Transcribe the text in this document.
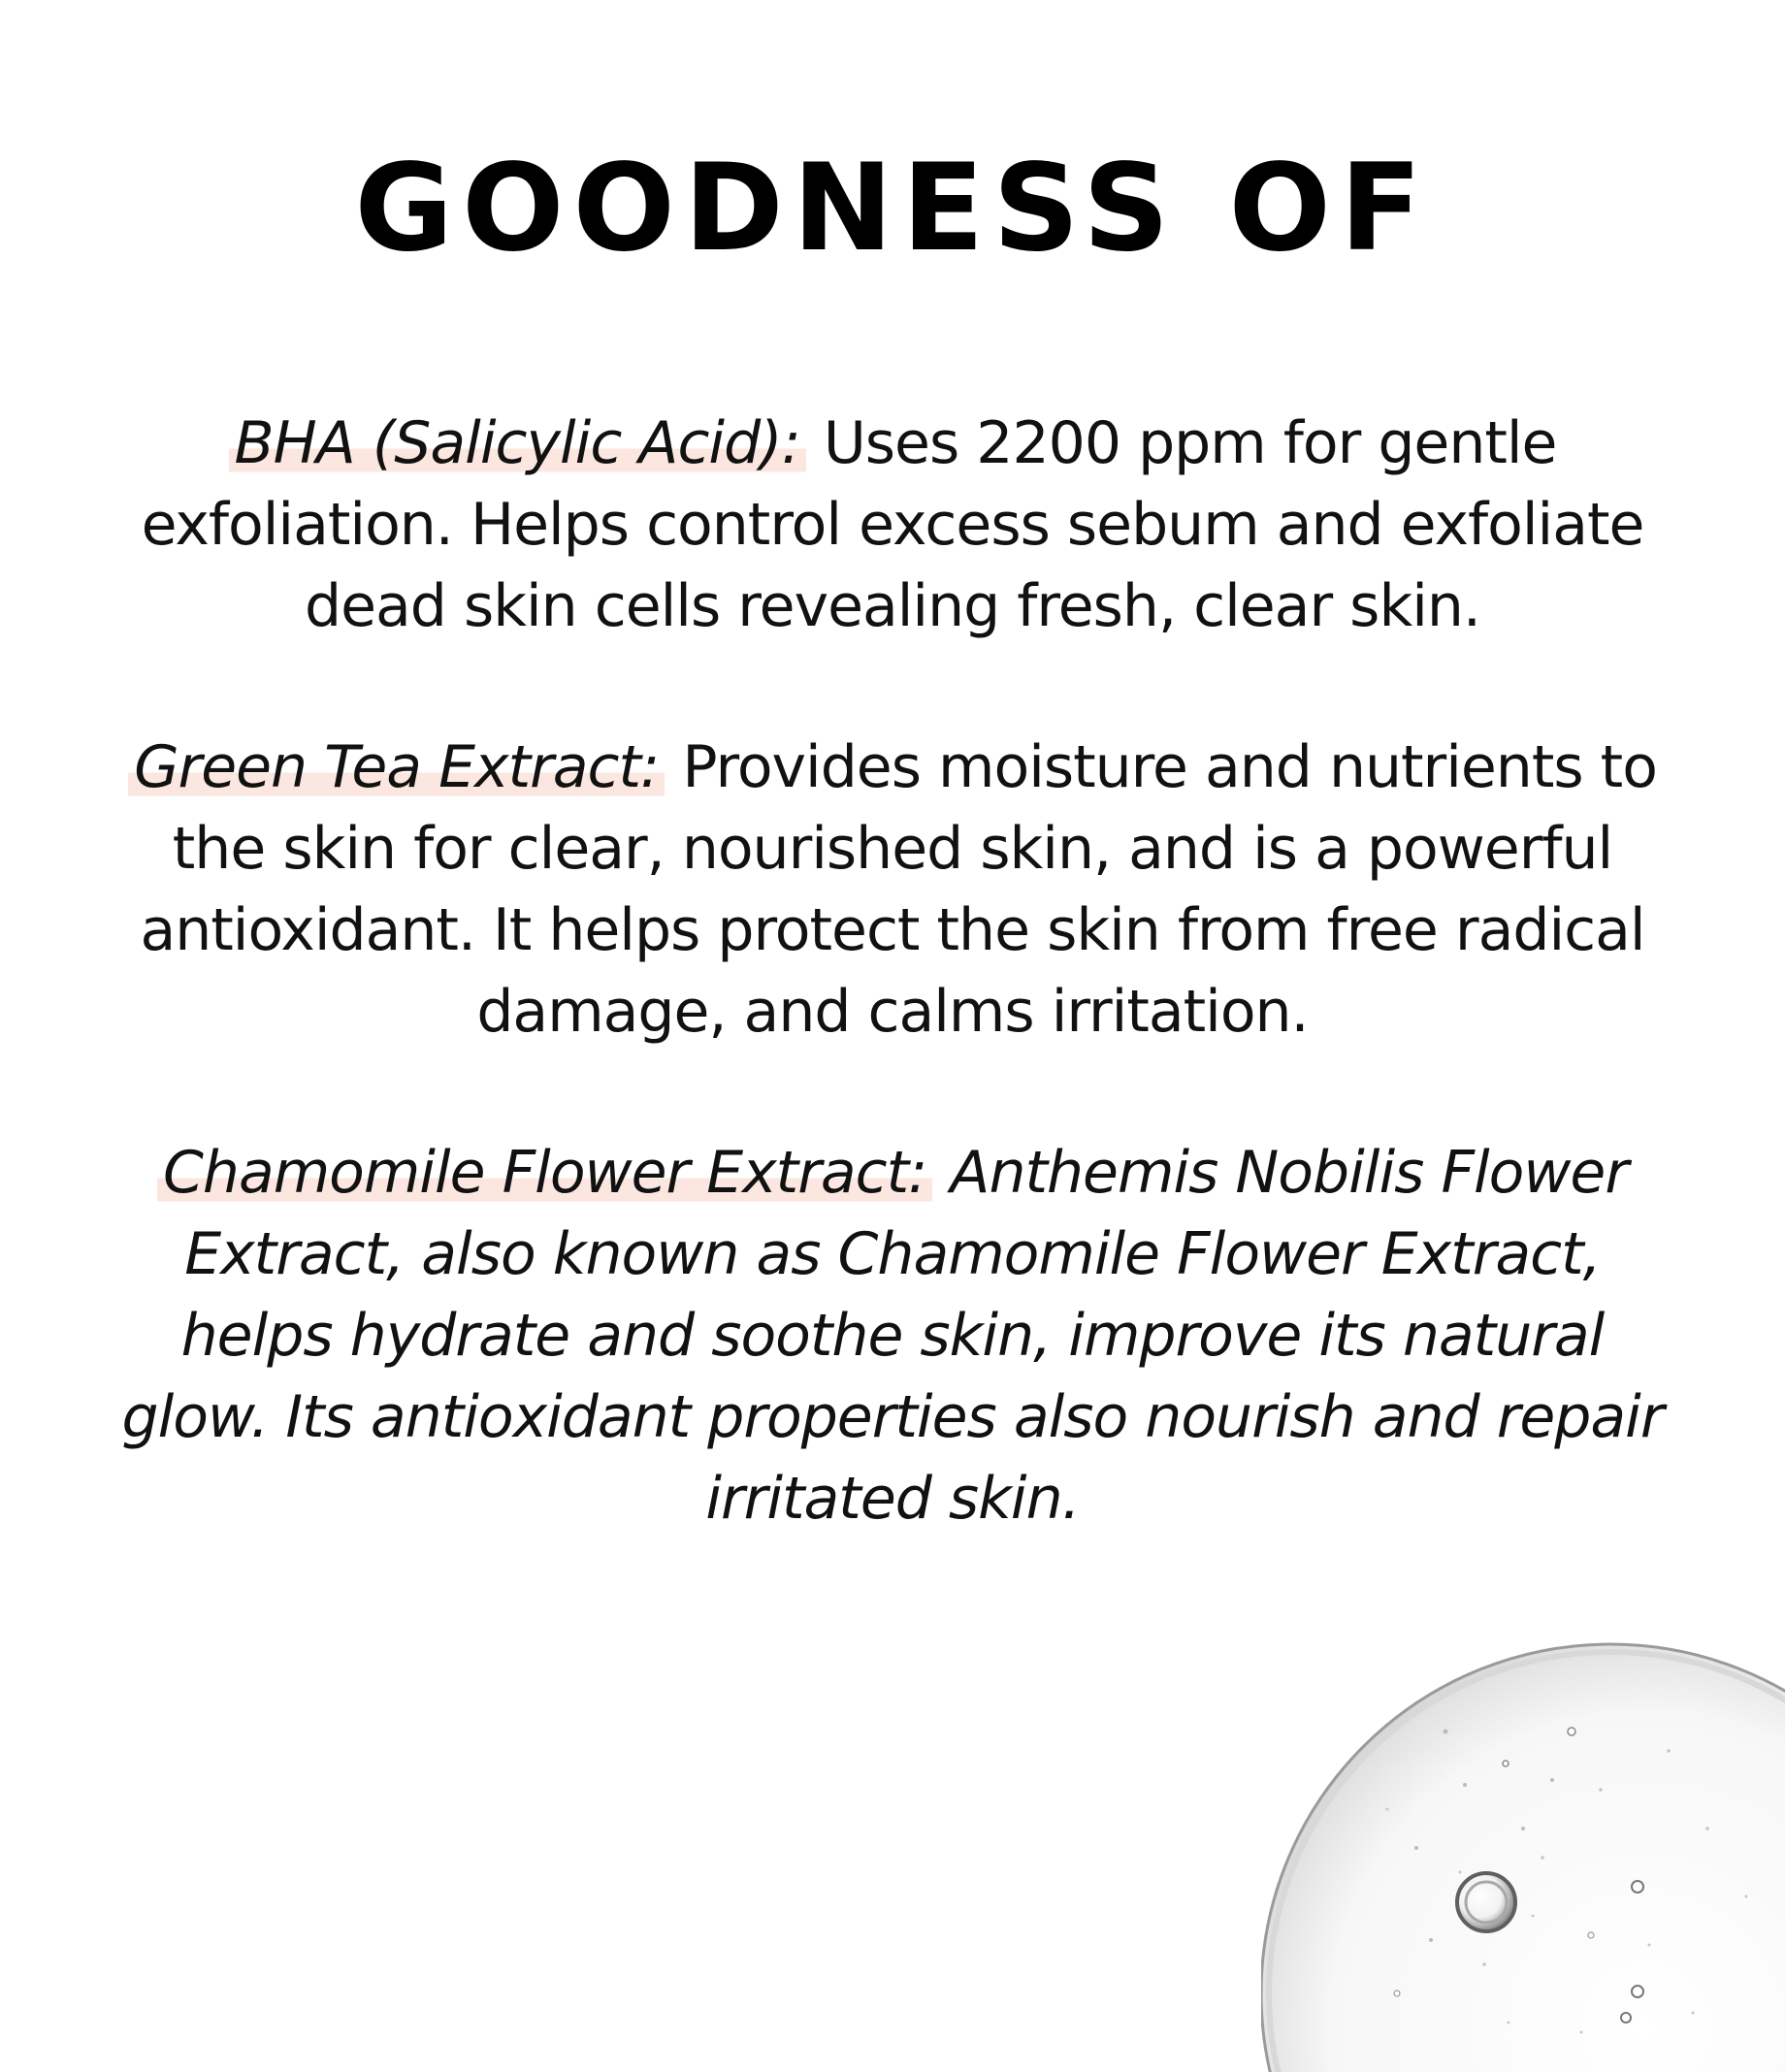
GOODNESS OF

BHA (Salicylic Acid): Uses 2200 ppm for gentle exfoliation. Helps control excess sebum and exfoliate dead skin cells revealing fresh, clear skin.

Green Tea Extract: Provides moisture and nutrients to the skin for clear, nourished skin, and is a powerful antioxidant. It helps protect the skin from free radical damage, and calms irritation.

Chamomile Flower Extract: Anthemis Nobilis Flower Extract, also known as Chamomile Flower Extract, helps hydrate and soothe skin, improve its natural glow. Its antioxidant properties also nourish and repair irritated skin.
